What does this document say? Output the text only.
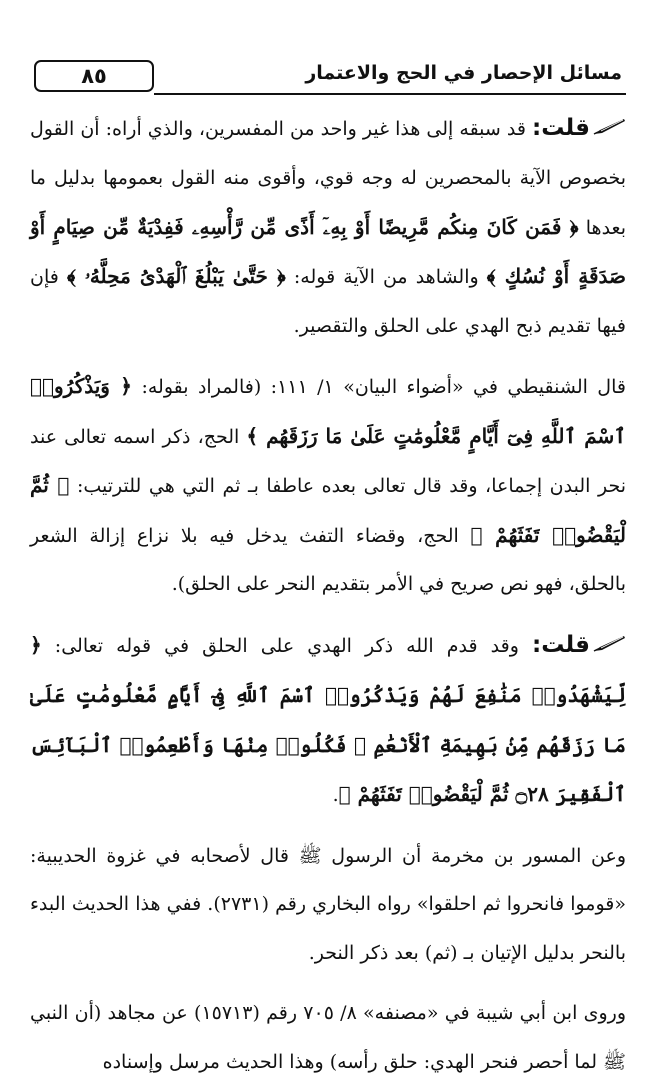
٨٥	مسائل الإحصار في الحج والاعتمار

قلت: قد سبقه إلى هذا غير واحد من المفسرين، والذي أراه: أن القول بخصوص الآية بالمحصرين له وجه قوي، وأقوى منه القول بعمومها بدليل ما بعدها ﴿ فَمَن كَانَ مِنكُم مَّرِيضًا أَوْ بِهِۦٓ أَذًى مِّن رَّأْسِهِۦ فَفِدْيَةٌ مِّن صِيَامٍ أَوْ صَدَقَةٍ أَوْ نُسُكٍ ﴾ والشاهد من الآية قوله: ﴿ حَتَّىٰ يَبْلُغَ ٱلْهَدْىُ مَحِلَّهُۥ ﴾ فإن فيها تقديم ذبح الهدي على الحلق والتقصير.

قال الشنقيطي في «أضواء البيان» ١/ ١١١: (فالمراد بقوله: ﴿ وَيَذْكُرُوا۟ ٱسْمَ ٱللَّهِ فِىٓ أَيَّامٍ مَّعْلُومَٰتٍ عَلَىٰ مَا رَزَقَهُم ﴾ الحج، ذكر اسمه تعالى عند نحر البدن إجماعا، وقد قال تعالى بعده عاطفا بـ ثم التي هي للترتيب: ﴿ ثُمَّ لْيَقْضُوا۟ تَفَثَهُمْ ﴾ الحج، وقضاء التفث يدخل فيه بلا نزاع إزالة الشعر بالحلق، فهو نص صريح في الأمر بتقديم النحر على الحلق).

قلت: وقد قدم الله ذكر الهدي على الحلق في قوله تعالى: ﴿ لِّيَشْهَدُوا۟ مَنَٰفِعَ لَهُمْ وَيَذْكُرُوا۟ ٱسْمَ ٱللَّهِ فِىٓ أَيَّامٍ مَّعْلُومَٰتٍ عَلَىٰ مَا رَزَقَهُم مِّنۢ بَهِيمَةِ ٱلْأَنْعَٰمِ ۖ فَكُلُوا۟ مِنْهَا وَأَطْعِمُوا۟ ٱلْبَآئِسَ ٱلْفَقِيرَ ۝٢٨ ثُمَّ لْيَقْضُوا۟ تَفَثَهُمْ ﴾.

وعن المسور بن مخرمة أن الرسول ﷺ قال لأصحابه في غزوة الحديبية: «قوموا فانحروا ثم احلقوا» رواه البخاري رقم (٢٧٣١). ففي هذا الحديث البدء بالنحر بدليل الإتيان بـ (ثم) بعد ذكر النحر.

وروى ابن أبي شيبة في «مصنفه» ٨/ ٧٠٥ رقم (١٥٧١٣) عن مجاهد (أن النبي ﷺ لما أحصر فنحر الهدي: حلق رأسه) وهذا الحديث مرسل وإسناده
